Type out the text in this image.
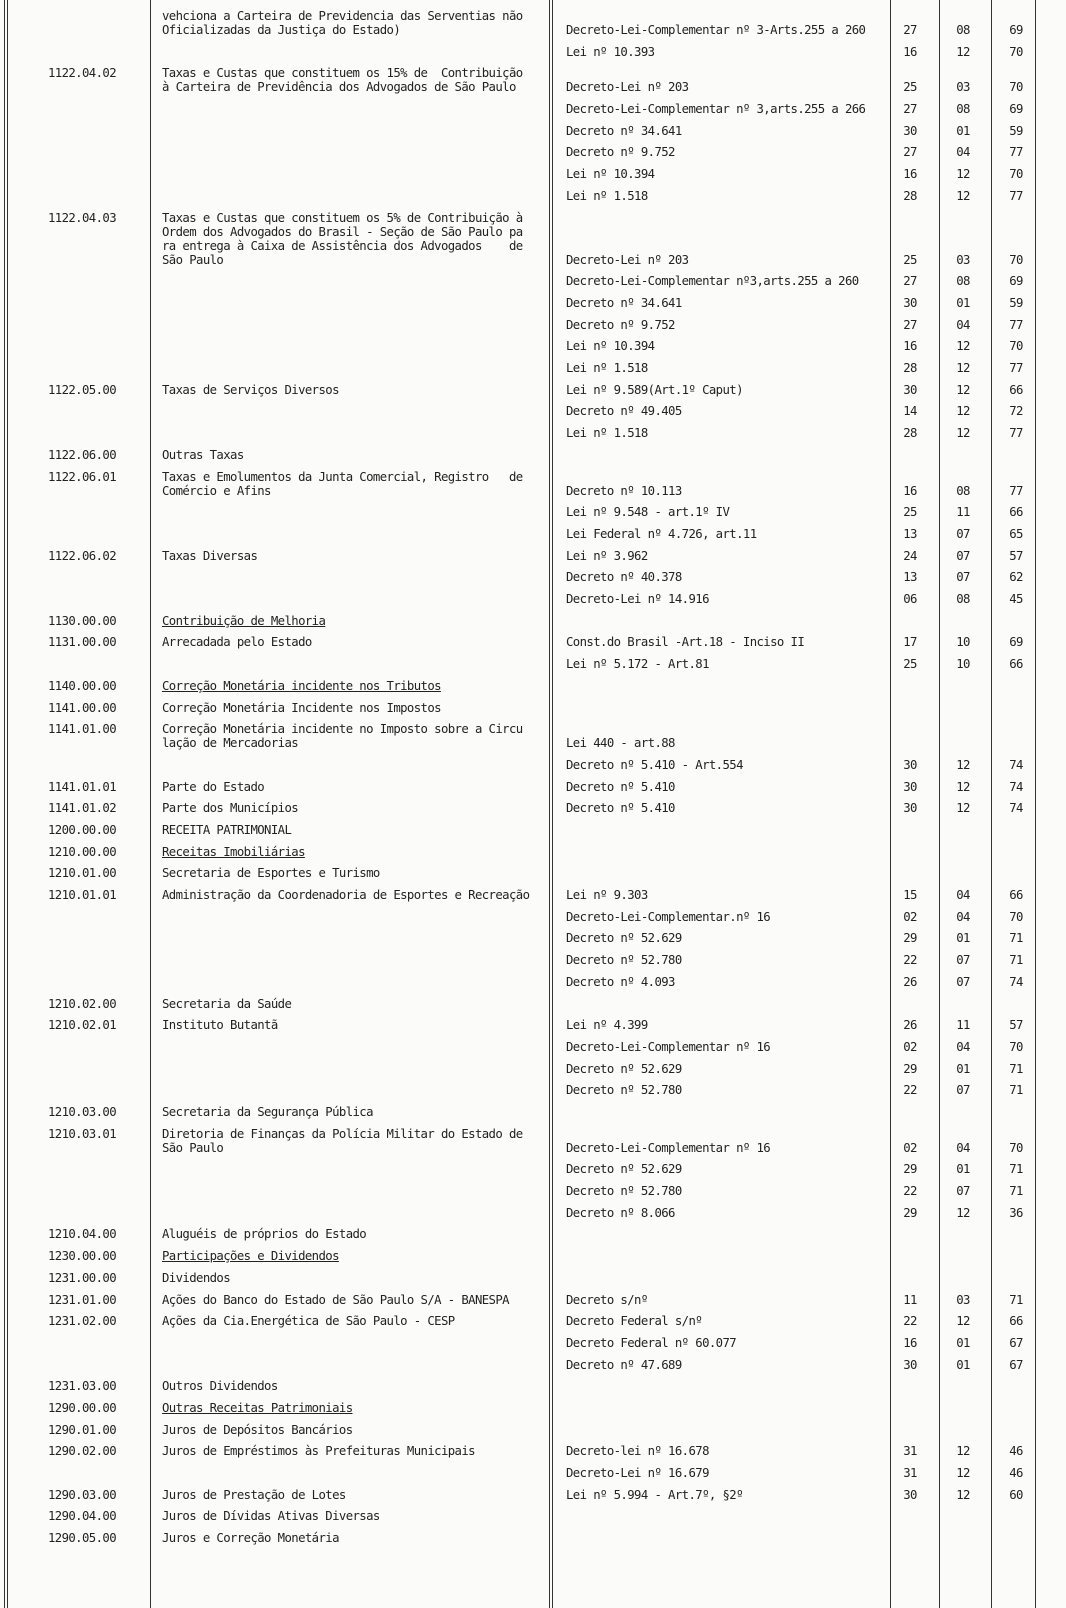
vehciona a Carteira de Previdencia das Serventias não
Oficializadas da Justiça do Estado)	Decreto-Lei-Complementar nº 3-Arts.255 a 260	27	08	69
Lei nº 10.393	16	12	70
1122.04.02	Taxas e Custas que constituem os 15% de  Contribuição
à Carteira de Previdência dos Advogados de São Paulo	Decreto-Lei nº 203	25	03	70
Decreto-Lei-Complementar nº 3,arts.255 a 266	27	08	69
Decreto nº 34.641	30	01	59
Decreto nº 9.752	27	04	77
Lei nº 10.394	16	12	70
Lei nº 1.518	28	12	77
1122.04.03	Taxas e Custas que constituem os 5% de Contribuição à
Ordem dos Advogados do Brasil - Seção de São Paulo pa
ra entrega à Caixa de Assistência dos Advogados    de
São Paulo	Decreto-Lei nº 203	25	03	70
Decreto-Lei-Complementar nº3,arts.255 a 260	27	08	69
Decreto nº 34.641	30	01	59
Decreto nº 9.752	27	04	77
Lei nº 10.394	16	12	70
Lei nº 1.518	28	12	77
1122.05.00	Taxas de Serviços Diversos	Lei nº 9.589(Art.1º Caput)	30	12	66
Decreto nº 49.405	14	12	72
Lei nº 1.518	28	12	77
1122.06.00	Outras Taxas
1122.06.01	Taxas e Emolumentos da Junta Comercial, Registro   de
Comércio e Afins	Decreto nº 10.113	16	08	77
Lei nº 9.548 - art.1º IV	25	11	66
Lei Federal nº 4.726, art.11	13	07	65
1122.06.02	Taxas Diversas	Lei nº 3.962	24	07	57
Decreto nº 40.378	13	07	62
Decreto-Lei nº 14.916	06	08	45
1130.00.00	Contribuição de Melhoria
1131.00.00	Arrecadada pelo Estado	Const.do Brasil -Art.18 - Inciso II	17	10	69
Lei nº 5.172 - Art.81	25	10	66
1140.00.00	Correção Monetária incidente nos Tributos
1141.00.00	Correção Monetária Incidente nos Impostos
1141.01.00	Correção Monetária incidente no Imposto sobre a Circu
lação de Mercadorias	Lei 440 - art.88
Decreto nº 5.410 - Art.554	30	12	74
1141.01.01	Parte do Estado	Decreto nº 5.410	30	12	74
1141.01.02	Parte dos Municípios	Decreto nº 5.410	30	12	74
1200.00.00	RECEITA PATRIMONIAL
1210.00.00	Receitas Imobiliárias
1210.01.00	Secretaria de Esportes e Turismo
1210.01.01	Administração da Coordenadoria de Esportes e Recreação	Lei nº 9.303	15	04	66
Decreto-Lei-Complementar.nº 16	02	04	70
Decreto nº 52.629	29	01	71
Decreto nº 52.780	22	07	71
Decreto nº 4.093	26	07	74
1210.02.00	Secretaria da Saúde
1210.02.01	Instituto Butantã	Lei nº 4.399	26	11	57
Decreto-Lei-Complementar nº 16	02	04	70
Decreto nº 52.629	29	01	71
Decreto nº 52.780	22	07	71
1210.03.00	Secretaria da Segurança Pública
1210.03.01	Diretoria de Finanças da Polícia Militar do Estado de
São Paulo	Decreto-Lei-Complementar nº 16	02	04	70
Decreto nº 52.629	29	01	71
Decreto nº 52.780	22	07	71
Decreto nº 8.066	29	12	36
1210.04.00	Aluguéis de próprios do Estado
1230.00.00	Participações e Dividendos
1231.00.00	Dividendos
1231.01.00	Ações do Banco do Estado de São Paulo S/A - BANESPA	Decreto s/nº	11	03	71
1231.02.00	Ações da Cia.Energética de São Paulo - CESP	Decreto Federal s/nº	22	12	66
Decreto Federal nº 60.077	16	01	67
Decreto nº 47.689	30	01	67
1231.03.00	Outros Dividendos
1290.00.00	Outras Receitas Patrimoniais
1290.01.00	Juros de Depósitos Bancários
1290.02.00	Juros de Empréstimos às Prefeituras Municipais	Decreto-lei nº 16.678	31	12	46
Decreto-Lei nº 16.679	31	12	46
1290.03.00	Juros de Prestação de Lotes	Lei nº 5.994 - Art.7º, §2º	30	12	60
1290.04.00	Juros de Dívidas Ativas Diversas
1290.05.00	Juros e Correção Monetária
